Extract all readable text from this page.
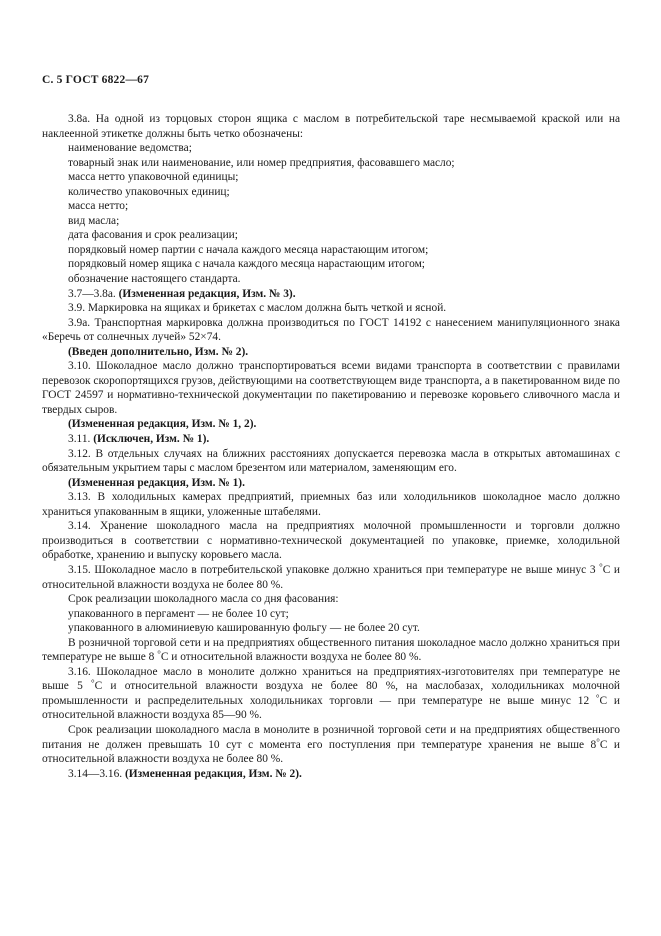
С. 5 ГОСТ 6822—67

3.8а. На одной из торцовых сторон ящика с маслом в потребительской таре несмываемой краской или на наклеенной этикетке должны быть четко обозначены:

наименование ведомства;

товарный знак или наименование, или номер предприятия, фасовавшего масло;

масса нетто упаковочной единицы;

количество упаковочных единиц;

масса нетто;

вид масла;

дата фасования и срок реализации;

порядковый номер партии с начала каждого месяца нарастающим итогом;

порядковый номер ящика с начала каждого месяца нарастающим итогом;

обозначение настоящего стандарта.

3.7—3.8а. (Измененная редакция, Изм. № 3).

3.9. Маркировка на ящиках и брикетах с маслом должна быть четкой и ясной.

3.9а. Транспортная маркировка должна производиться по ГОСТ 14192 с нанесением манипуляционного знака «Беречь от солнечных лучей» 52×74.

(Введен дополнительно, Изм. № 2).

3.10. Шоколадное масло должно транспортироваться всеми видами транспорта в соответствии с правилами перевозок скоропортящихся грузов, действующими на соответствующем виде транспорта, а в пакетированном виде по ГОСТ 24597 и нормативно-технической документации по пакетированию и перевозке коровьего сливочного масла и твердых сыров.

(Измененная редакция, Изм. № 1, 2).

3.11. (Исключен, Изм. № 1).

3.12. В отдельных случаях на ближних расстояниях допускается перевозка масла в открытых автомашинах с обязательным укрытием тары с маслом брезентом или материалом, заменяющим его.

(Измененная редакция, Изм. № 1).

3.13. В холодильных камерах предприятий, приемных баз или холодильников шоколадное масло должно храниться упакованным в ящики, уложенные штабелями.

3.14. Хранение шоколадного масла на предприятиях молочной промышленности и торговли должно производиться в соответствии с нормативно-технической документацией по упаковке, приемке, холодильной обработке, хранению и выпуску коровьего масла.

3.15. Шоколадное масло в потребительской упаковке должно храниться при температуре не выше минус 3 °С и относительной влажности воздуха не более 80 %.

Срок реализации шоколадного масла со дня фасования:

упакованного в пергамент — не более 10 сут;

упакованного в алюминиевую кашированную фольгу — не более 20 сут.

В розничной торговой сети и на предприятиях общественного питания шоколадное масло должно храниться при температуре не выше 8 °С и относительной влажности воздуха не более 80 %.

3.16. Шоколадное масло в монолите должно храниться на предприятиях-изготовителях при температуре не выше 5 °С и относительной влажности воздуха не более 80 %, на маслобазах, холодильниках молочной промышленности и распределительных холодильниках торговли — при температуре не выше минус 12 °С и относительной влажности воздуха 85—90 %.

Срок реализации шоколадного масла в монолите в розничной торговой сети и на предприятиях общественного питания не должен превышать 10 сут с момента его поступления при температуре хранения не выше 8°С и относительной влажности воздуха не более 80 %.

3.14—3.16. (Измененная редакция, Изм. № 2).
